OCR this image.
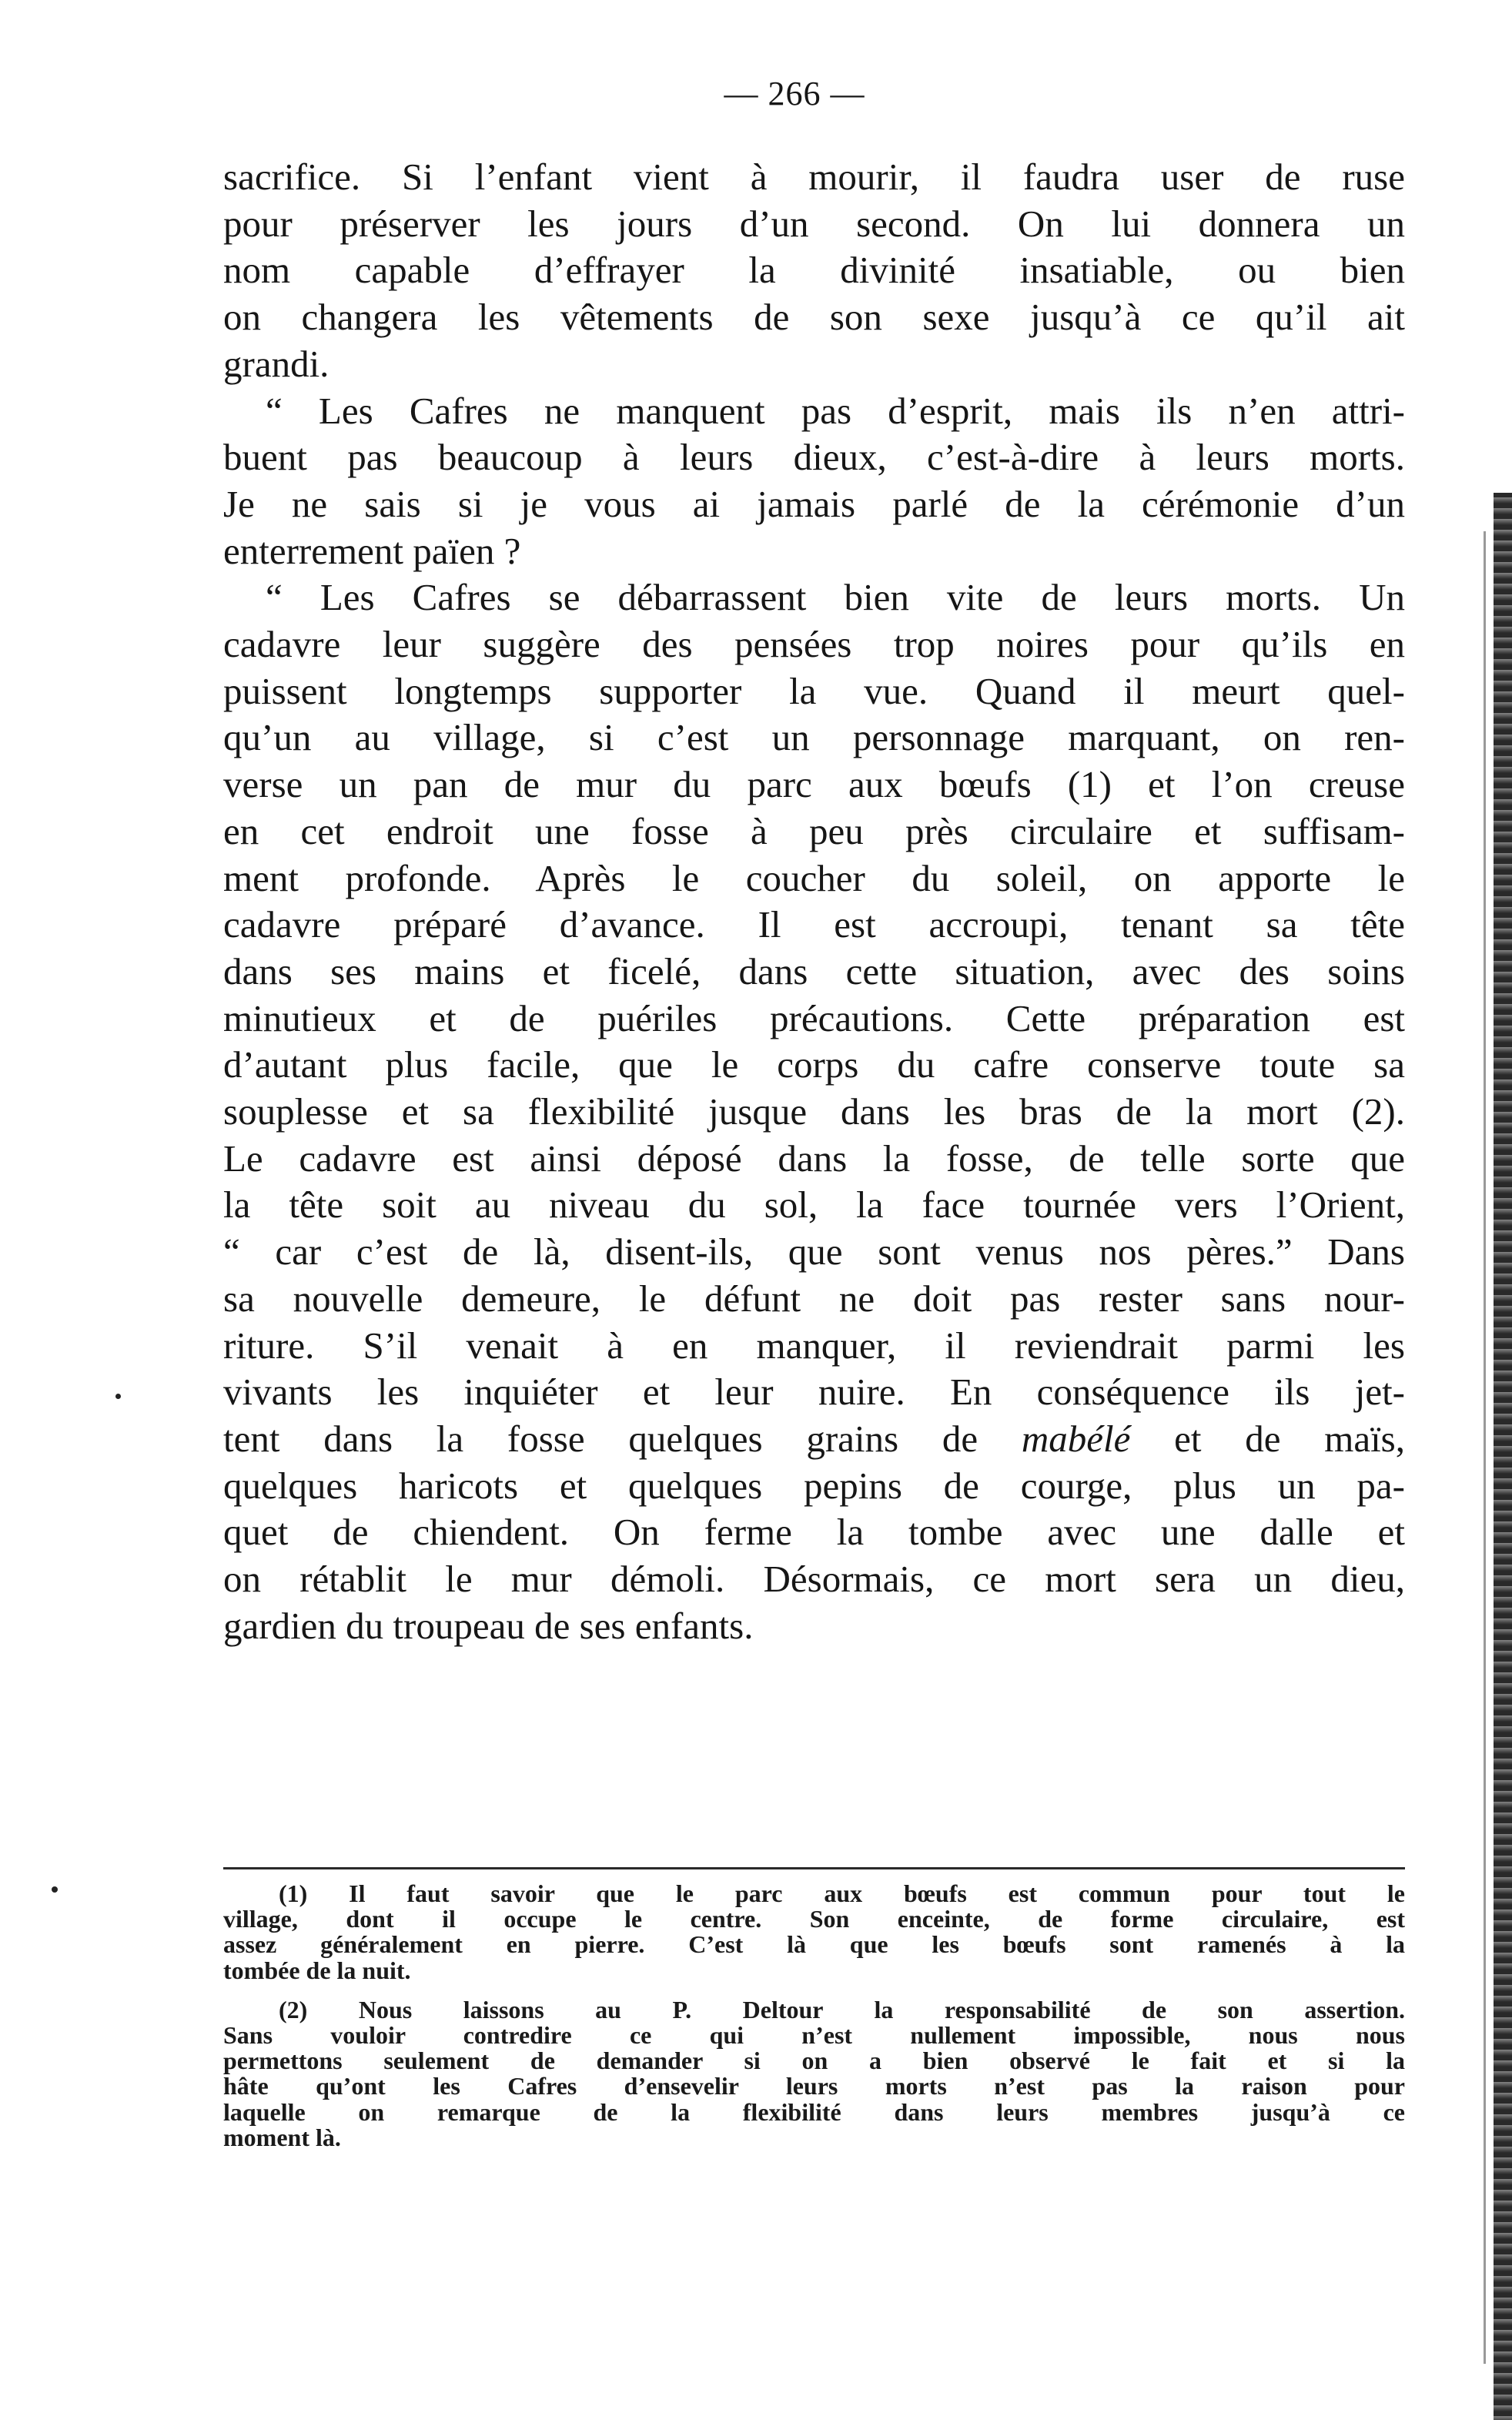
— 266 —
sacrifice. Si l’enfant vient à mourir, il faudra user de ruse
pour préserver les jours d’un second. On lui donnera un
nom capable d’effrayer la divinité insatiable, ou bien
on changera les vêtements de son sexe jusqu’à ce qu’il ait
grandi.
“ Les Cafres ne manquent pas d’esprit, mais ils n’en attri-
buent pas beaucoup à leurs dieux, c’est-à-dire à leurs morts.
Je ne sais si je vous ai jamais parlé de la cérémonie d’un
enterrement païen ?
“ Les Cafres se débarrassent bien vite de leurs morts. Un
cadavre leur suggère des pensées trop noires pour qu’ils en
puissent longtemps supporter la vue. Quand il meurt quel-
qu’un au village, si c’est un personnage marquant, on ren-
verse un pan de mur du parc aux bœufs (1) et l’on creuse
en cet endroit une fosse à peu près circulaire et suffisam-
ment profonde. Après le coucher du soleil, on apporte le
cadavre préparé d’avance. Il est accroupi, tenant sa tête
dans ses mains et ficelé, dans cette situation, avec des soins
minutieux et de puériles précautions. Cette préparation est
d’autant plus facile, que le corps du cafre conserve toute sa
souplesse et sa flexibilité jusque dans les bras de la mort (2).
Le cadavre est ainsi déposé dans la fosse, de telle sorte que
la tête soit au niveau du sol, la face tournée vers l’Orient,
“ car c’est de là, disent-ils, que sont venus nos pères.” Dans
sa nouvelle demeure, le défunt ne doit pas rester sans nour-
riture. S’il venait à en manquer, il reviendrait parmi les
vivants les inquiéter et leur nuire. En conséquence ils jet-
tent dans la fosse quelques grains de mabélé et de maïs,
quelques haricots et quelques pepins de courge, plus un pa-
quet de chiendent. On ferme la tombe avec une dalle et
on rétablit le mur démoli. Désormais, ce mort sera un dieu,
gardien du troupeau de ses enfants.
(1) Il faut savoir que le parc aux bœufs est commun pour tout le
village, dont il occupe le centre. Son enceinte, de forme circulaire, est
assez généralement en pierre. C’est là que les bœufs sont ramenés à la
tombée de la nuit.
(2) Nous laissons au P. Deltour la responsabilité de son assertion.
Sans vouloir contredire ce qui n’est nullement impossible, nous nous
permettons seulement de demander si on a bien observé le fait et si la
hâte qu’ont les Cafres d’ensevelir leurs morts n’est pas la raison pour
laquelle on remarque de la flexibilité dans leurs membres jusqu’à ce
moment là.
